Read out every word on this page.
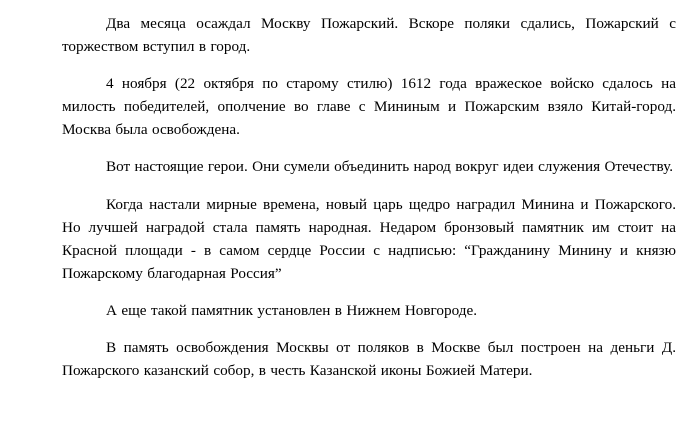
Два месяца осаждал Москву Пожарский. Вскоре поляки сдались, Пожарский с торжеством вступил в город.

4 ноября (22 октября по старому стилю) 1612 года вражеское войско сдалось на милость победителей, ополчение во главе с Мининым и Пожарским взяло Китай-город. Москва была освобождена.

Вот настоящие герои. Они сумели объединить народ вокруг идеи служения Отечеству.

Когда настали мирные времена, новый царь щедро наградил Минина и Пожарского. Но лучшей наградой стала память народная. Недаром бронзовый памятник им стоит на Красной площади - в самом сердце России с надписью: “Гражданину Минину и князю Пожарскому благодарная Россия”

А еще такой памятник установлен в Нижнем Новгороде.

В память освобождения Москвы от поляков в Москве был построен на деньги Д. Пожарского казанский собор, в честь Казанской иконы Божией Матери.
